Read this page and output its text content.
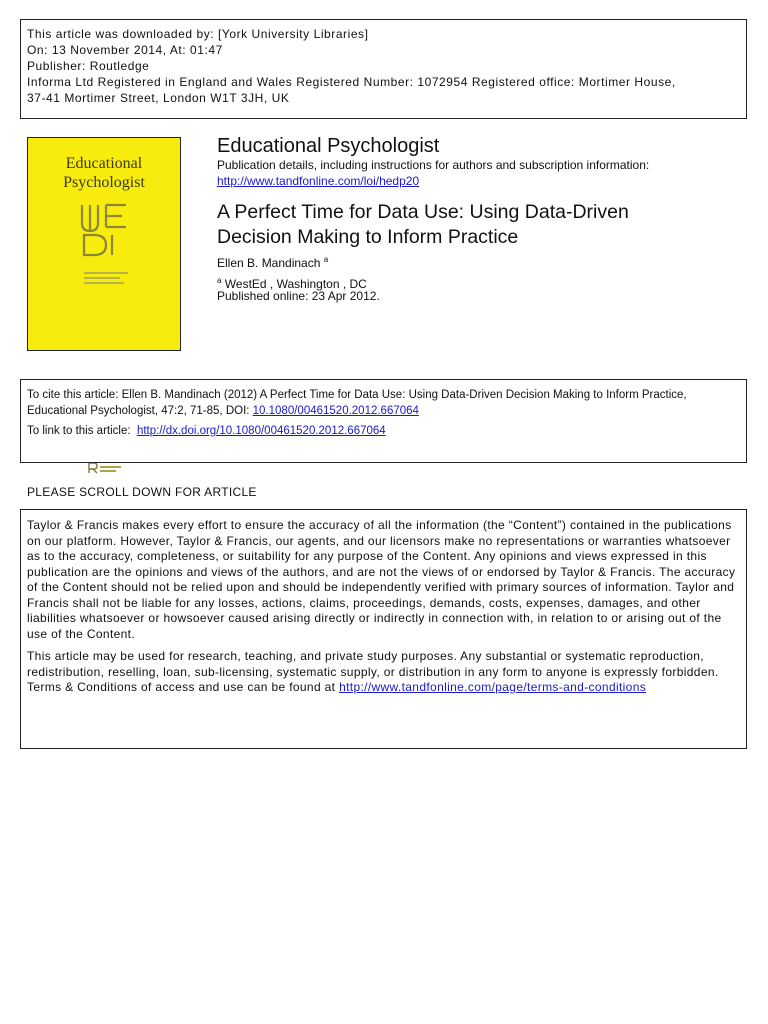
This article was downloaded by: [York University Libraries]
On: 13 November 2014, At: 01:47
Publisher: Routledge
Informa Ltd Registered in England and Wales Registered Number: 1072954 Registered office: Mortimer House,
37-41 Mortimer Street, London W1T 3JH, UK
Educational
Psychologist
Educational Psychologist
Publication details, including instructions for authors and subscription information:
http://www.tandfonline.com/loi/hedp20
A Perfect Time for Data Use: Using Data-Driven
Decision Making to Inform Practice
Ellen B. Mandinach $^a$
$^a$ WestEd , Washington , DC
Published online: 23 Apr 2012.
To cite this article: Ellen B. Mandinach (2012) A Perfect Time for Data Use: Using Data-Driven Decision Making to Inform Practice, Educational Psychologist, 47:2, 71-85, DOI: 10.1080/00461520.2012.667064
To link to this article: http://dx.doi.org/10.1080/00461520.2012.667064
PLEASE SCROLL DOWN FOR ARTICLE

Taylor & Francis makes every effort to ensure the accuracy of all the information (the “Content”) contained in the publications on our platform. However, Taylor & Francis, our agents, and our licensors make no representations or warranties whatsoever as to the accuracy, completeness, or suitability for any purpose of the Content. Any opinions and views expressed in this publication are the opinions and views of the authors, and are not the views of or endorsed by Taylor & Francis. The accuracy of the Content should not be relied upon and should be independently verified with primary sources of information. Taylor and Francis shall not be liable for any losses, actions, claims, proceedings, demands, costs, expenses, damages, and other liabilities whatsoever or howsoever caused arising directly or indirectly in connection with, in relation to or arising out of the use of the Content.

This article may be used for research, teaching, and private study purposes. Any substantial or systematic reproduction, redistribution, reselling, loan, sub-licensing, systematic supply, or distribution in any form to anyone is expressly forbidden. Terms & Conditions of access and use can be found at http://www.tandfonline.com/page/terms-and-conditions
